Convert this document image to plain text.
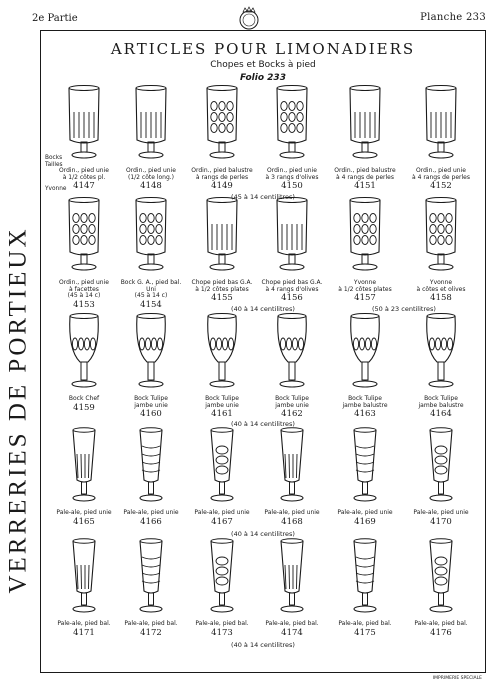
2e Partie	Planche 233
VERRERIES DE PORTIEUX
ARTICLES POUR LIMONADIERS
Chopes et Bocks à pied
Folio 233
Ordin., pied unie
à 1/2 côtes pl.
4147
Ordin., pied unie
(1/2 côte long.)
4148
Ordin., pied balustre
à rangs de perles
4149
Ordin., pied unie
à 3 rangs d'olives
4150
Ordin., pied balustre
à 4 rangs de perles
4151
Ordin., pied unie
à 4 rangs de perles
4152
(45 à 14 centilitres)
Ordin., pied unie
à facettes
(45 à 14 c)
4153
Bock G. A., pied bal.
Uni
(45 à 14 c)
4154
Chope pied bas G.A.
à 1/2 côtes plates
4155
Chope pied bas G.A.
à 4 rangs d'olives
4156
Yvonne
à 1/2 côtes plates
4157
Yvonne
à côtes et olives
4158
(40 à 14 centilitres)	(50 à 23 centilitres)
Bock Chef
4159
Bock Tulipe
jambe unie
4160
Bock Tulipe
jambe unie
4161
Bock Tulipe
jambe unie
4162
Bock Tulipe
jambe balustre
4163
Bock Tulipe
jambe balustre
4164
(40 à 14 centilitres)
Pale-ale, pied unie
4165
Pale-ale, pied unie
4166
Pale-ale, pied unie
4167
Pale-ale, pied unie
4168
Pale-ale, pied unie
4169
Pale-ale, pied unie
4170
(40 à 14 centilitres)
Pale-ale, pied bal.
4171
Pale-ale, pied bal.
4172
Pale-ale, pied bal.
4173
Pale-ale, pied bal.
4174
Pale-ale, pied bal.
4175
Pale-ale, pied bal.
4176
(40 à 14 centilitres)
Bocks
Tailles
Yvonne
IMPRIMERIE SPECIALE
